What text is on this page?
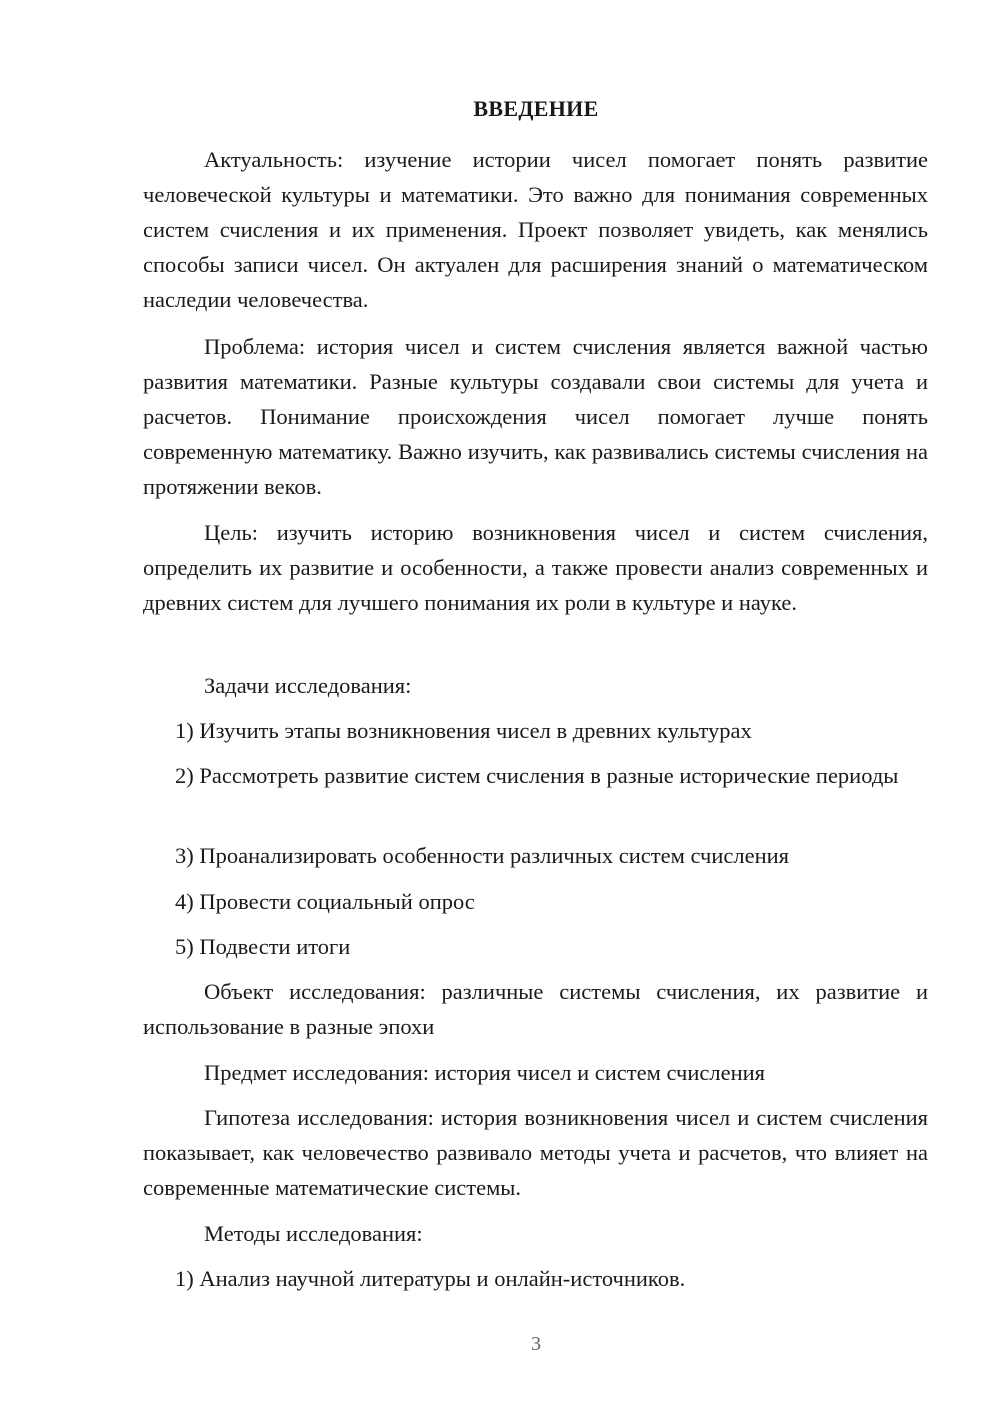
ВВЕДЕНИЕ

Актуальность: изучение истории чисел помогает понять развитие человеческой культуры и математики. Это важно для понимания современных систем счисления и их применения. Проект позволяет увидеть, как менялись способы записи чисел. Он актуален для расширения знаний о математическом наследии человечества.

Проблема: история чисел и систем счисления является важной частью развития математики. Разные культуры создавали свои системы для учета и расчетов. Понимание происхождения чисел помогает лучше понять современную математику. Важно изучить, как развивались системы счисления на протяжении веков.

Цель: изучить историю возникновения чисел и систем счисления, определить их развитие и особенности, а также провести анализ современных и древних систем для лучшего понимания их роли в культуре и науке.

Задачи исследования:

1) Изучить этапы возникновения чисел в древних культурах

2) Рассмотреть развитие систем счисления в разные исторические периоды

3) Проанализировать особенности различных систем счисления

4) Провести социальный опрос

5) Подвести итоги

Объект исследования: различные системы счисления, их развитие и использование в разные эпохи

Предмет исследования: история чисел и систем счисления

Гипотеза исследования: история возникновения чисел и систем счисления показывает, как человечество развивало методы учета и расчетов, что влияет на современные математические системы.

Методы исследования:

1) Анализ научной литературы и онлайн-источников.

3
